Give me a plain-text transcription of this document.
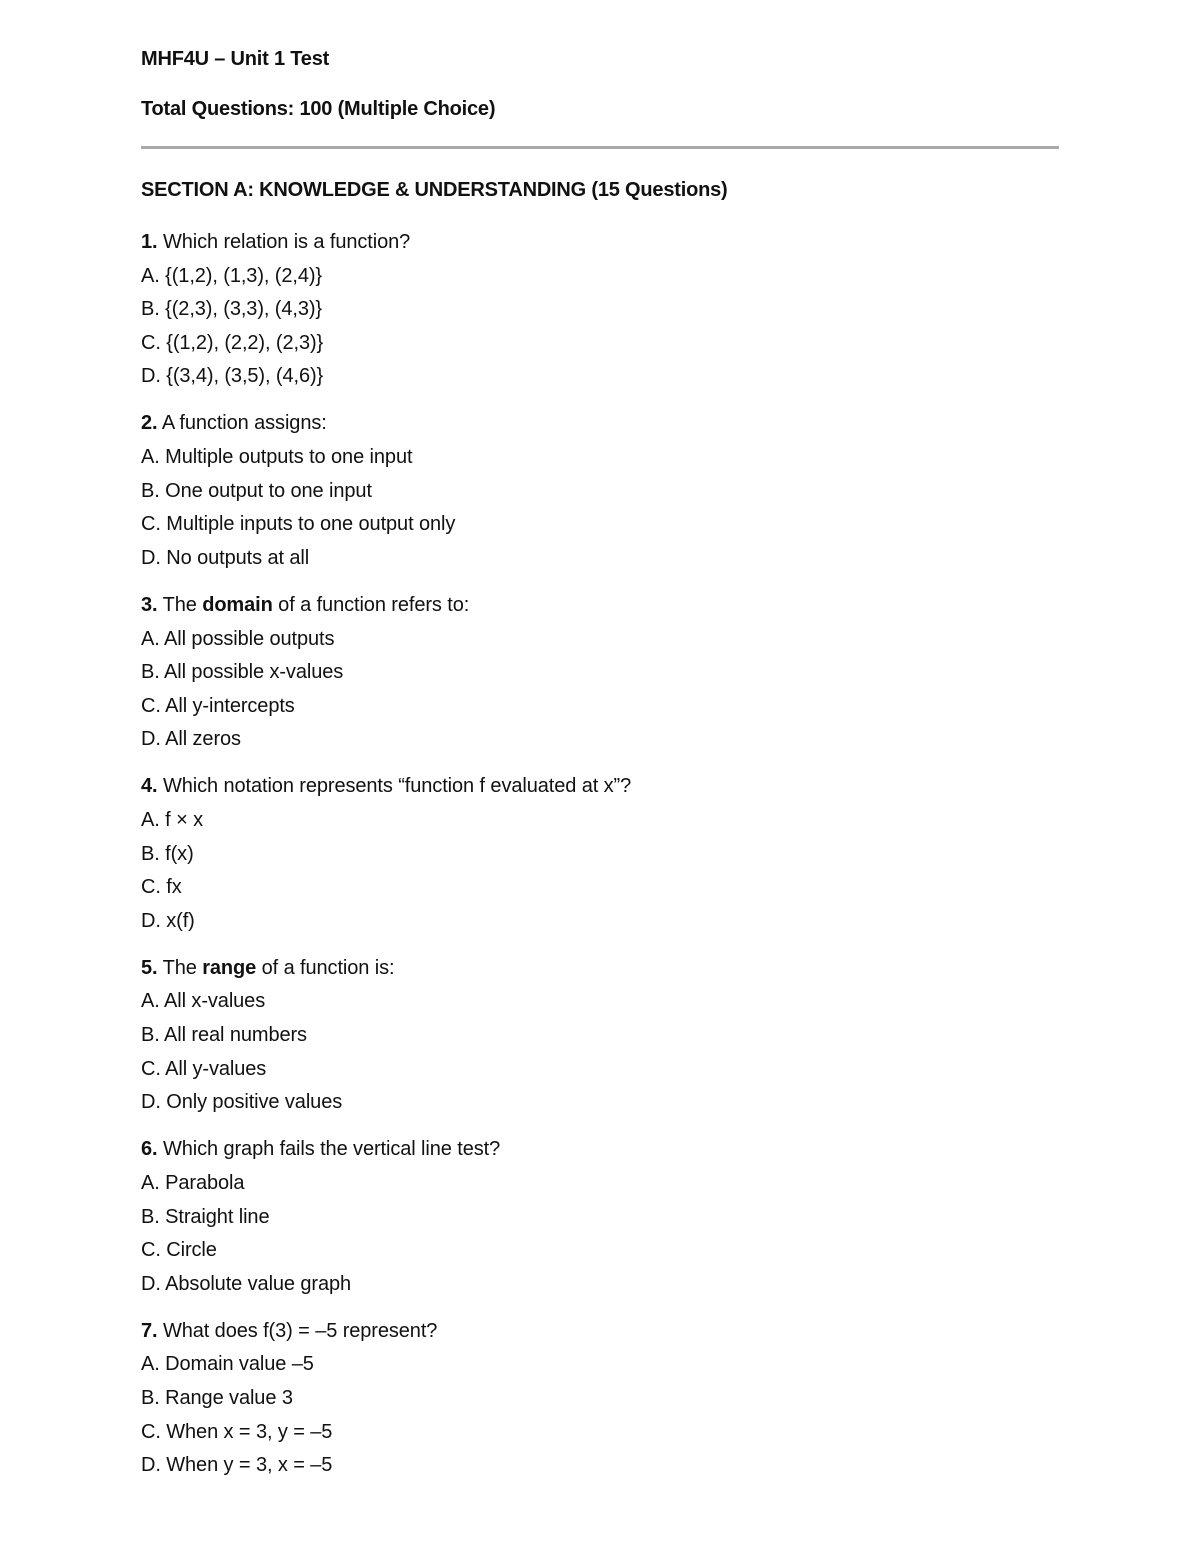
MHF4U – Unit 1 Test
Total Questions: 100 (Multiple Choice)
SECTION A: KNOWLEDGE & UNDERSTANDING (15 Questions)
1. Which relation is a function?
A. {(1,2), (1,3), (2,4)}
B. {(2,3), (3,3), (4,3)}
C. {(1,2), (2,2), (2,3)}
D. {(3,4), (3,5), (4,6)}
2. A function assigns:
A. Multiple outputs to one input
B. One output to one input
C. Multiple inputs to one output only
D. No outputs at all
3. The domain of a function refers to:
A. All possible outputs
B. All possible x-values
C. All y-intercepts
D. All zeros
4. Which notation represents “function f evaluated at x”?
A. f × x
B. f(x)
C. fx
D. x(f)
5. The range of a function is:
A. All x-values
B. All real numbers
C. All y-values
D. Only positive values
6. Which graph fails the vertical line test?
A. Parabola
B. Straight line
C. Circle
D. Absolute value graph
7. What does f(3) = –5 represent?
A. Domain value –5
B. Range value 3
C. When x = 3, y = –5
D. When y = 3, x = –5
